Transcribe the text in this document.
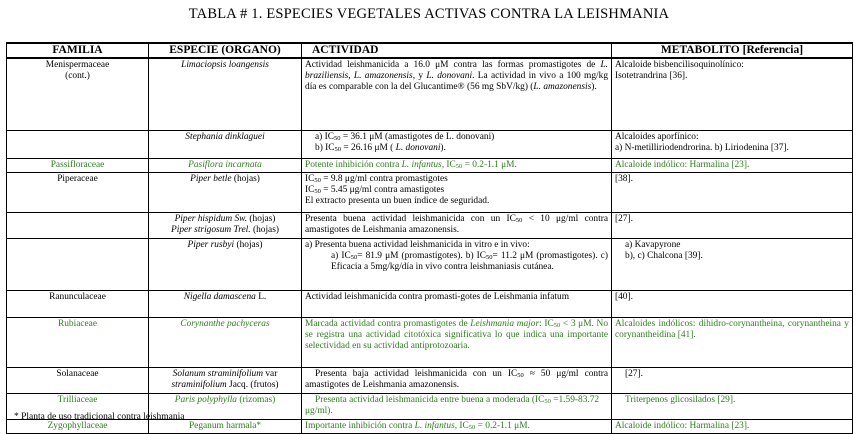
TABLA # 1. ESPECIES VEGETALES ACTIVAS CONTRA LA LEISHMANIA
FAMILIA	ESPECIE (ORGANO)	ACTIVIDAD	METABOLITO [Referencia]
Menispermaceae
(cont.)	Limaciopsis loangensis	Actividad leishmanicida a 16.0 μM contra las formas promastigotes de L. braziliensis, L. amazonensis, y L. donovani. La actividad in vivo a 100 mg/kg día es comparable con la del Glucantime® (56 mg SbV/kg) (L. amazonensis).	Alcaloide bisbencilisoquinolínico:
Isotetrandrina [36].
	Stephania dinklaguei	a) $IC_{50} = 36.1$ μM (amastigotes de L. donovani)
b) $IC_{50} = 26.16$ μM ( L. donovani).	Alcaloides aporfínico:
a) N-metilliriodendrorina. b) Liriodenina [37].
Passifloraceae	Pasiflora incarnata	Potente inhibición contra L. infantus, $IC_{50} = 0.2-1.1$ μM.	Alcaloide indólico: Harmalina [23].
Piperaceae	Piper betle (hojas)	$IC_{50} = 9.8$ μg/ml contra promastigotes
$IC_{50} = 5.45$ μg/ml contra amastigotes
El extracto presenta un buen índice de seguridad.	[38].
	Piper hispidum Sw. (hojas)
Piper strigosum Trel. (hojas)	Presenta buena actividad leishmanicida con un $IC_{50} < 10$ μg/ml contra amastigotes de Leishmania amazonensis.	[27].
	Piper rusbyi (hojas)	a) Presenta buena actividad leishmanicida in vitro e in vivo:

a) $IC_{50}= 81.9$ μM (promastigotes). b) $IC_{50}= 11.2$ μM (promastigotes). c) Eficacia a 5mg/kg/día in vivo contra leishmaniasis cutánea.	a) Kavapyrone
b), c) Chalcona [39].
Ranunculaceae	Nigella damascena L.	Actividad leishmanicida contra promasti-gotes de Leishmania infatum	[40].
Rubiaceae	Corynanthe pachyceras	Marcada actividad contra promastigotes de Leishmania major: $IC_{50} < 3$ μM. No se registra una actividad citotóxica significativa lo que indica una importante selectividad en su actividad antiprotozoaria.	Alcaloides indólicos: dihidro-corynantheina, corynantheina y corynantheidina [41].
Solanaceae	Solanum straminifolium var
straminifolium Jacq. (frutos)	Presenta baja actividad leishmanicida con un $IC_{50} \approx 50$ μg/ml contra amastigotes de Leishmania amazonensis.	[27].
Trilliaceae	Paris polyphylla (rizomas)	Presenta actividad leishmanicida entre buena a moderada ($IC_{50} =1.59-83.72$ μg/ml).	Triterpenos glicosilados [29].
Zygophyllaceae	Peganum harmala*	Importante inhibición contra L. infantus, $IC_{50} = 0.2-1.1$ μM.	Alcaloide indólico: Harmalina [23].
* Planta de uso tradicional contra leishmania
